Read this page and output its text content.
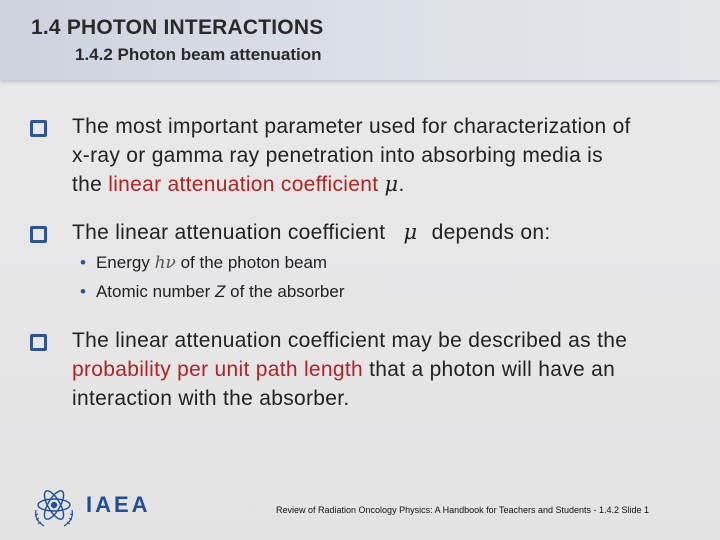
1.4 PHOTON INTERACTIONS
1.4.2 Photon beam attenuation
The most important parameter used for characterization of
x-ray or gamma ray penetration into absorbing media is
the linear attenuation coefficient μ.
The linear attenuation coefficient μ depends on:
• Energy hν of the photon beam
• Atomic number Z of the absorber
The linear attenuation coefficient may be described as the
probability per unit path length that a photon will have an
interaction with the absorber.
IAEA	Review of Radiation Oncology Physics: A Handbook for Teachers and Students - 1.4.2 Slide 1
